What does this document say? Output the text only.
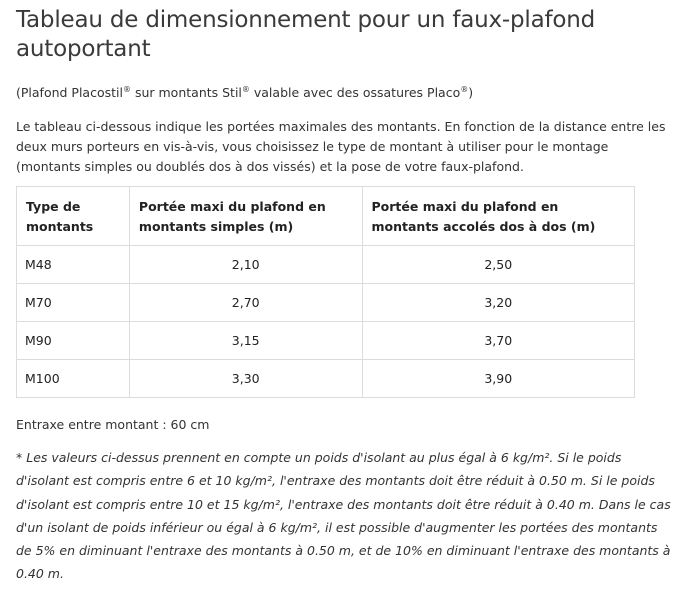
Tableau de dimensionnement pour un faux-plafond autoportant

(Plafond Placostil® sur montants Stil® valable avec des ossatures Placo®)

Le tableau ci-dessous indique les portées maximales des montants. En fonction de la distance entre les deux murs porteurs en vis-à-vis, vous choisissez le type de montant à utiliser pour le montage (montants simples ou doublés dos à dos vissés) et la pose de votre faux-plafond.

Type de montants	Portée maxi du plafond en montants simples (m)	Portée maxi du plafond en montants accolés dos à dos (m)
M48	2,10	2,50
M70	2,70	3,20
M90	3,15	3,70
M100	3,30	3,90

Entraxe entre montant : 60 cm

* Les valeurs ci-dessus prennent en compte un poids d'isolant au plus égal à 6 kg/m². Si le poids d'isolant est compris entre 6 et 10 kg/m², l'entraxe des montants doit être réduit à 0.50 m. Si le poids d'isolant est compris entre 10 et 15 kg/m², l'entraxe des montants doit être réduit à 0.40 m. Dans le cas d'un isolant de poids inférieur ou égal à 6 kg/m², il est possible d'augmenter les portées des montants de 5% en diminuant l'entraxe des montants à 0.50 m, et de 10% en diminuant l'entraxe des montants à 0.40 m.
